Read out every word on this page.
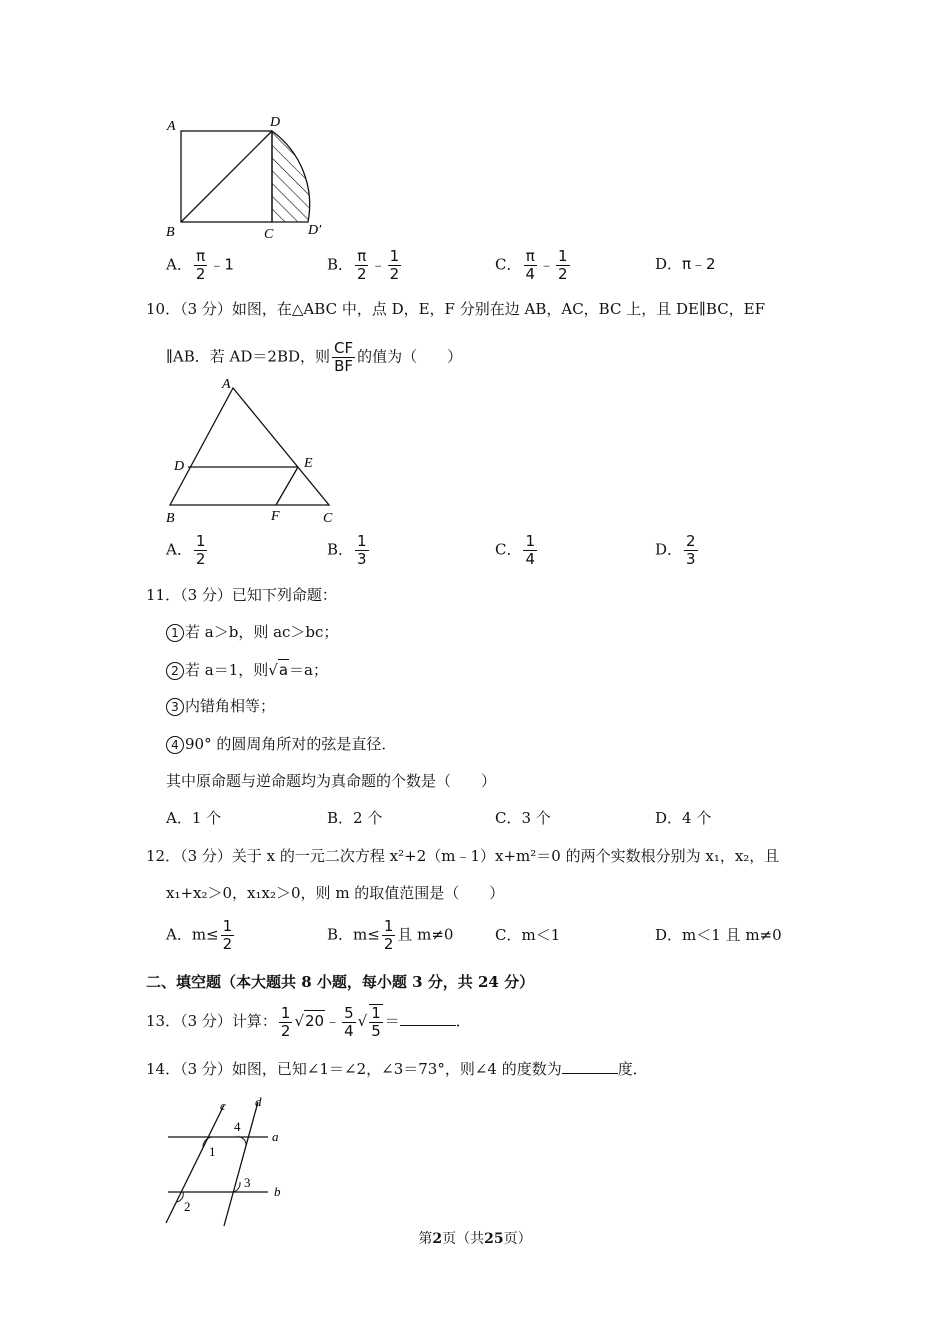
A	D
B	C D′
A． $\frac{\pi}{2}$ ﹣1	B． $\frac{\pi}{2}$ ﹣ $\frac{1}{2}$	C． $\frac{\pi}{4}$ ﹣ $\frac{1}{2}$	D．π﹣2
10．（3 分）如图，在△ABC 中，点 D，E，F 分别在边 AB，AC，BC 上，且 DE∥BC，EF
∥AB．若 AD＝2BD，则 $\frac{CF}{BF}$ 的值为（　　）
A
D	E
B	F	C
A． $\frac{1}{2}$	B． $\frac{1}{3}$	C． $\frac{1}{4}$	D． $\frac{2}{3}$
11．（3 分）已知下列命题：
1 若 a＞b，则 ac＞bc；
2 若 a＝1，则√a＝a；
3 内错角相等；
4 90° 的圆周角所对的弦是直径．
其中原命题与逆命题均为真命题的个数是（　　）
A．1 个	B．2 个	C．3 个	D．4 个
12．（3 分）关于 x 的一元二次方程 x²+2（m﹣1）x+m²＝0 的两个实数根分别为 x₁，x₂，且
x₁+x₂＞0，x₁x₂＞0，则 m 的取值范围是（　　）
A．$m\le \frac{1}{2}$	B．$m\le \frac{1}{2}$ 且 m≠0	C．m＜1	D．m＜1 且 m≠0
二、填空题（本大题共 8 小题，每小题 3 分，共 24 分）
13．（3 分）计算： $\frac{1}{2}$ √20﹣ $\frac{5}{4}$ √ $\frac{1}{5}$ ＝	．
14．（3 分）如图，已知∠1＝∠2，∠3＝73°，则∠4 的度数为	度．
c d
4
a
1
3
b
2
第2页（共25页）
